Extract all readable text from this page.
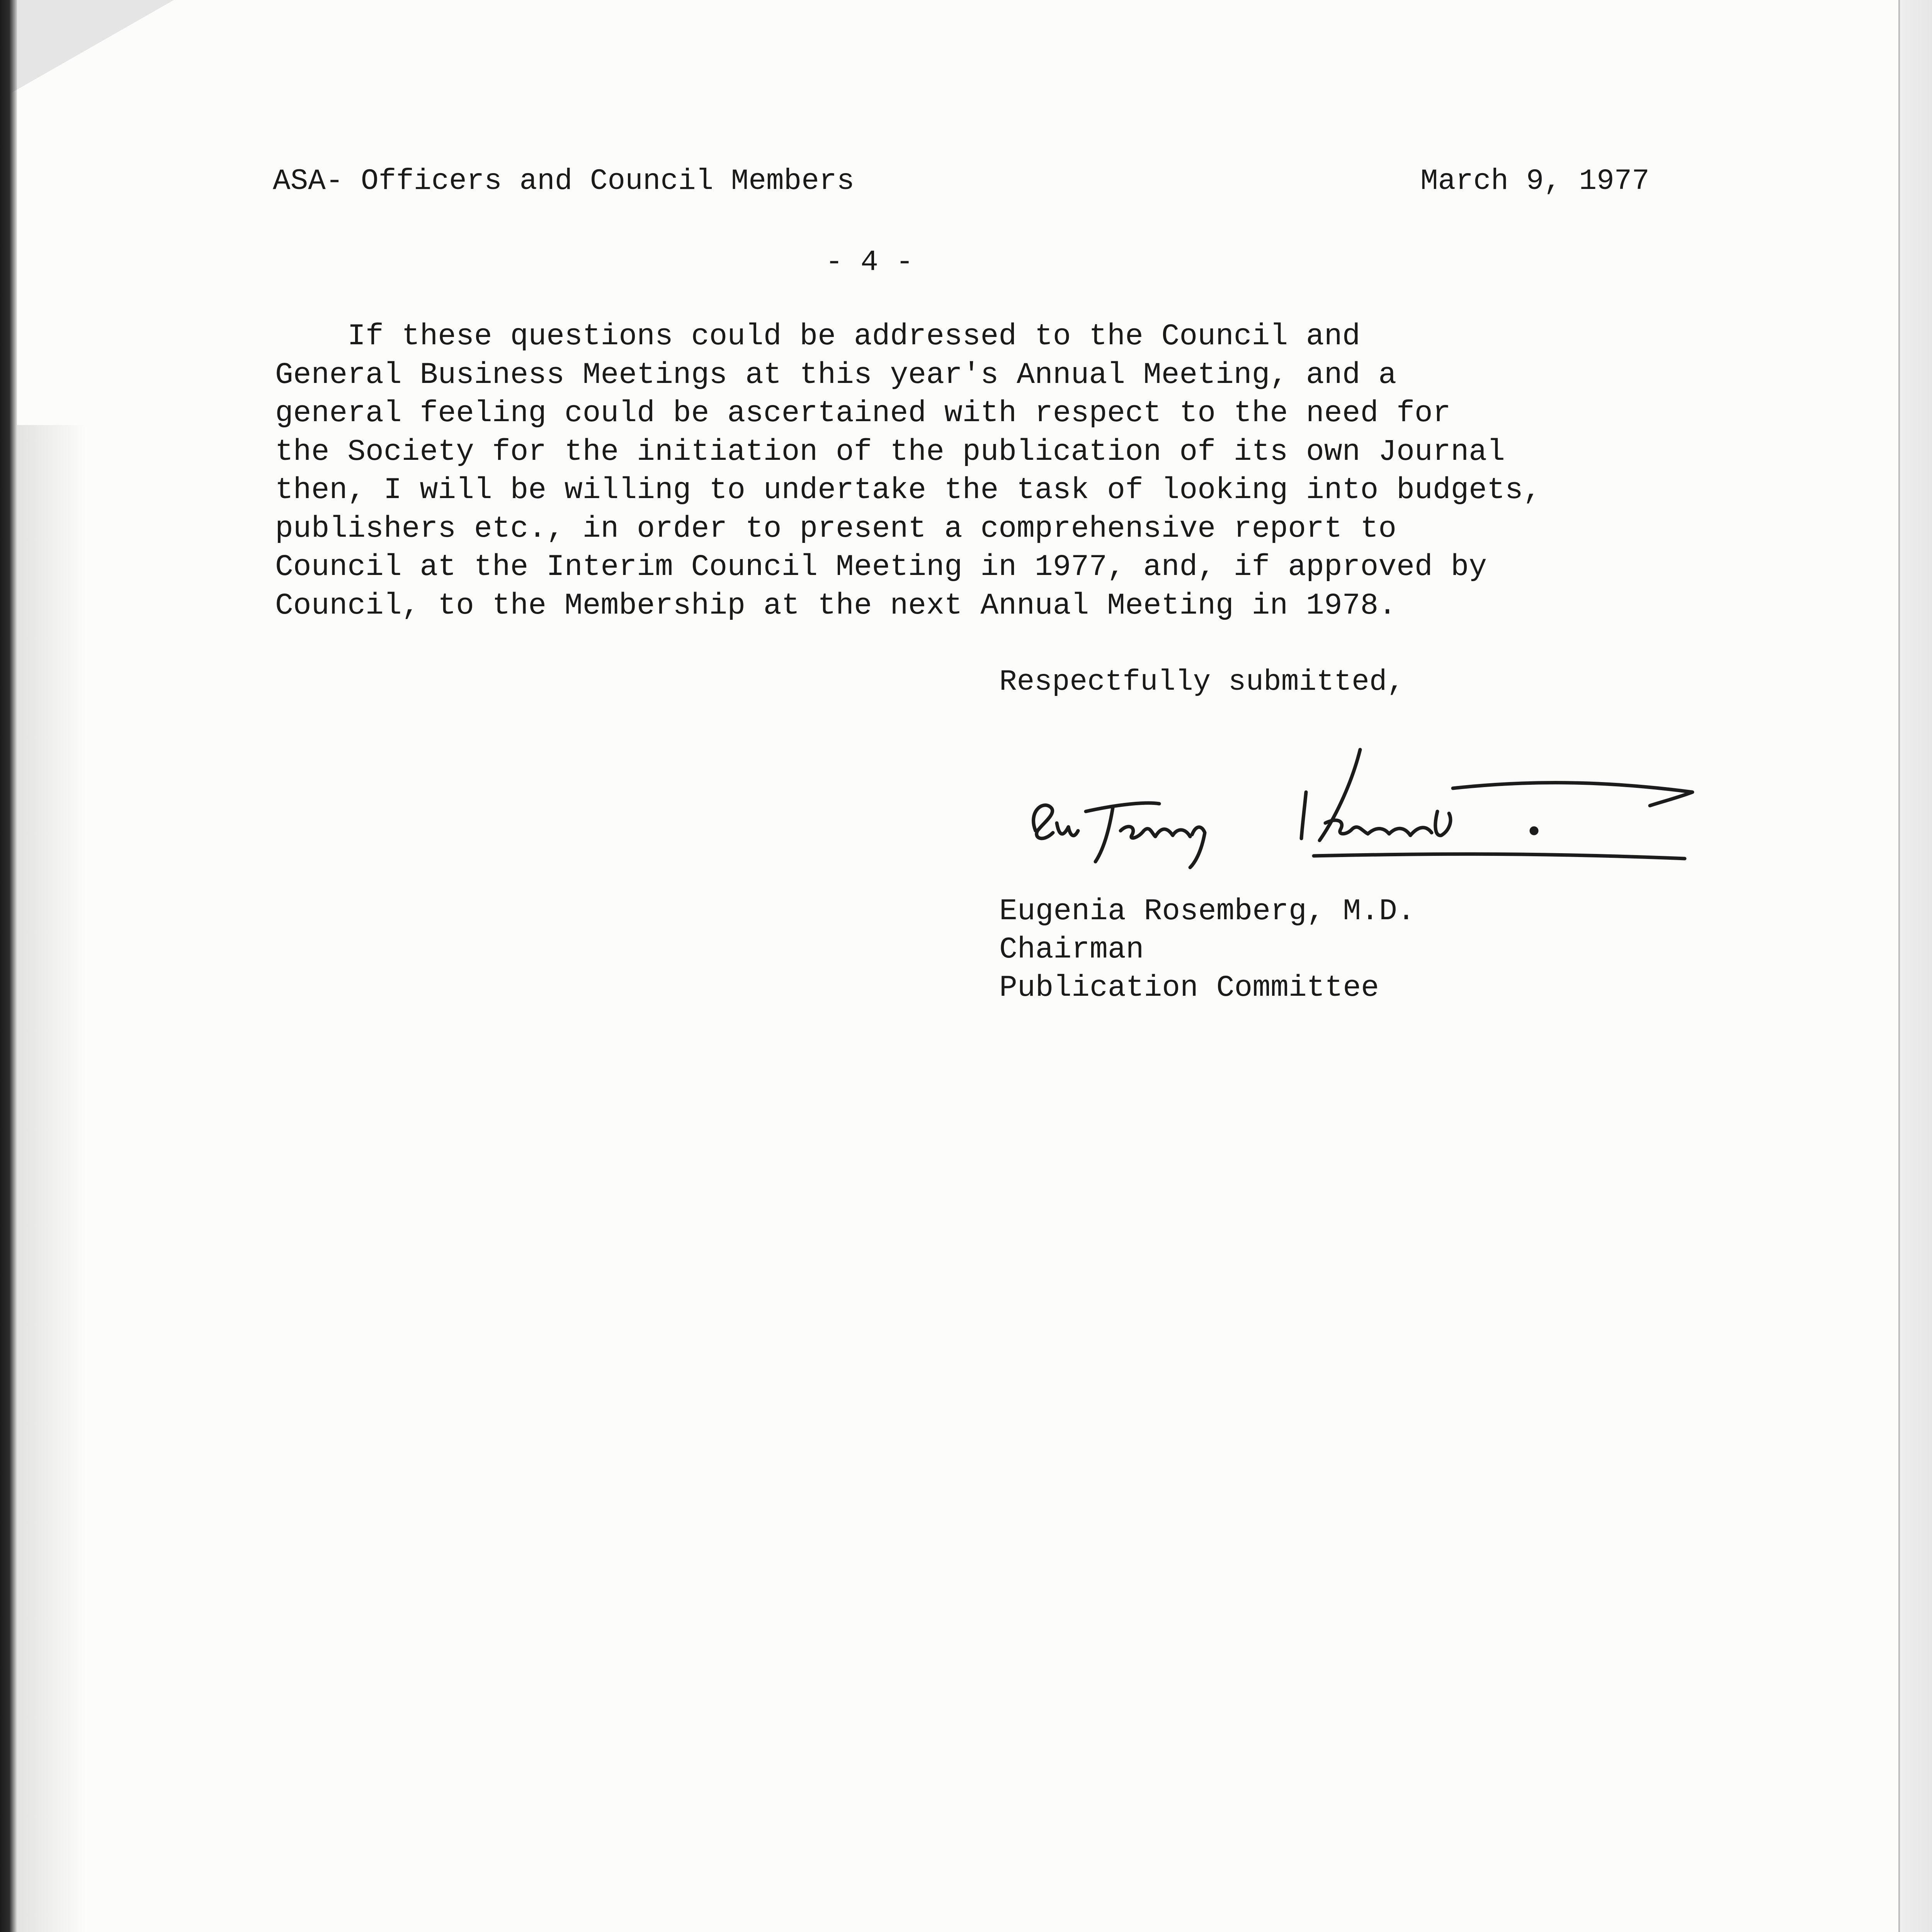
ASA- Officers and Council Members	March 9, 1977
- 4 -
If these questions could be addressed to the Council and
General Business Meetings at this year's Annual Meeting, and a
general feeling could be ascertained with respect to the need for
the Society for the initiation of the publication of its own Journal
then, I will be willing to undertake the task of looking into budgets,
publishers etc., in order to present a comprehensive report to
Council at the Interim Council Meeting in 1977, and, if approved by
Council, to the Membership at the next Annual Meeting in 1978.
Respectfully submitted,
Eugenia Rosemberg, M.D.
Chairman
Publication Committee
